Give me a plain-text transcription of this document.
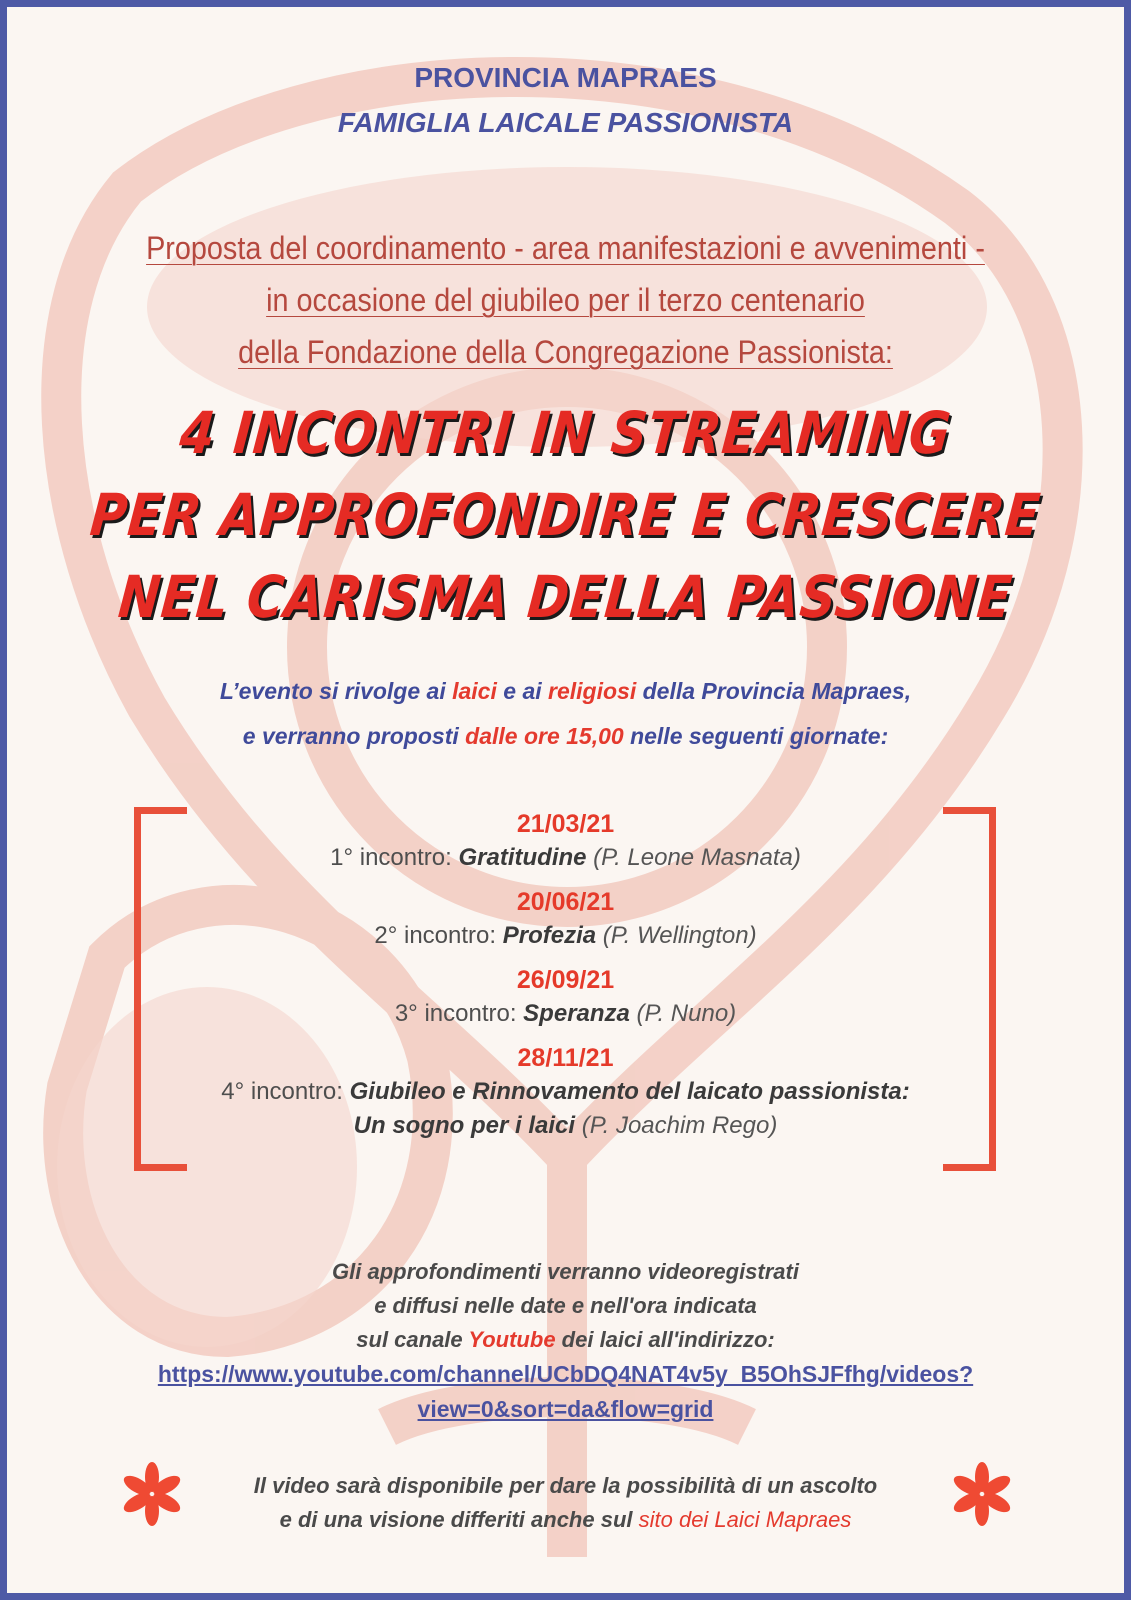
PROVINCIA MAPRAES
FAMIGLIA LAICALE PASSIONISTA
Proposta del coordinamento - area manifestazioni e avvenimenti -
in occasione del giubileo per il terzo centenario
della Fondazione della Congregazione Passionista:
4 INCONTRI IN STREAMING
PER APPROFONDIRE E CRESCERE
NEL CARISMA DELLA PASSIONE
L’evento si rivolge ai laici e ai religiosi della Provincia Mapraes,
e verranno proposti dalle ore 15,00 nelle seguenti giornate:
21/03/21
1° incontro: Gratitudine (P. Leone Masnata)
20/06/21
2° incontro: Profezia (P. Wellington)
26/09/21
3° incontro: Speranza (P. Nuno)
28/11/21
4° incontro: Giubileo e Rinnovamento del laicato passionista:
Un sogno per i laici (P. Joachim Rego)
Gli approfondimenti verranno videoregistrati
e diffusi nelle date e nell'ora indicata
sul canale Youtube dei laici all'indirizzo:
https://www.youtube.com/channel/UCbDQ4NAT4v5y_B5OhSJFfhg/videos?
view=0&sort=da&flow=grid
Il video sarà disponibile per dare la possibilità di un ascolto
e di una visione differiti anche sul sito dei Laici Mapraes
